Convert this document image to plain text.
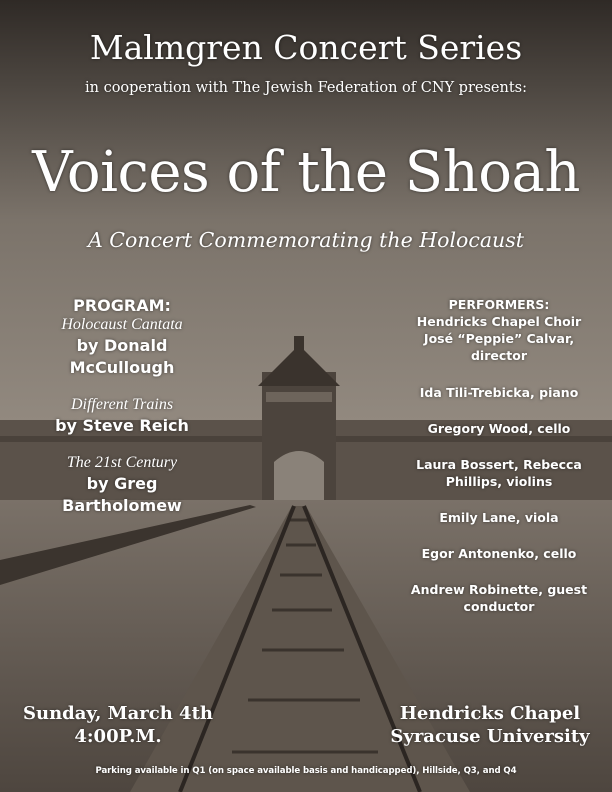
Malmgren Concert Series
in cooperation with The Jewish Federation of CNY presents:
Voices of the Shoah
A Concert Commemorating the Holocaust
PROGRAM:
Holocaust Cantata
by Donald
McCullough
Different Trains
by Steve Reich
The 21st Century
by Greg
Bartholomew
PERFORMERS:
Hendricks Chapel Choir
José “Peppie” Calvar,
director
Ida Tili-Trebicka, piano
Gregory Wood, cello
Laura Bossert, Rebecca
Phillips, violins
Emily Lane, viola
Egor Antonenko, cello
Andrew Robinette, guest
conductor
Sunday, March 4th
4:00P.M.
Hendricks Chapel
Syracuse University
Parking available in Q1 (on space available basis and handicapped), Hillside, Q3, and Q4
